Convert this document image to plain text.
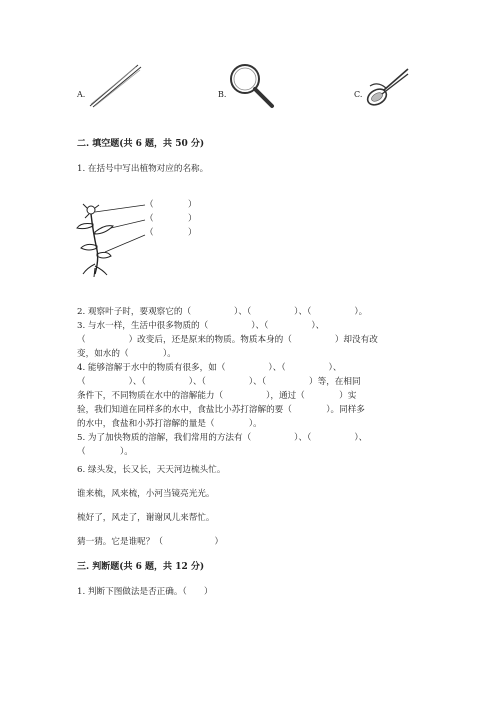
A.	B.	C.
二. 填空题(共 6 题，共 50 分)
1. 在括号中写出植物对应的名称。
（　　　　）
（　　　　）
（　　　　）
2. 观察叶子时，要观察它的（　　　　　）、（　　　　　）、（　　　　　）。
3. 与水一样，生活中很多物质的（　　　　　）、（　　　　　）、
（　　　　　）改变后，还是原来的物质。物质本身的（　　　　　）却没有改
变，如水的（　　　　）。
4. 能够溶解于水中的物质有很多，如（　　　　　）、（　　　　　）、
（　　　　　）、（　　　　　）、（　　　　　）、（　　　　　）等，在相同
条件下，不同物质在水中的溶解能力（　　　　　），通过（　　　　）实
验，我们知道在同样多的水中，食盐比小苏打溶解的要（　　　　）。同样多
的水中，食盐和小苏打溶解的量是（　　　　）。
5. 为了加快物质的溶解，我们常用的方法有（　　　　　）、（　　　　　）、
（　　　　）。
6. 绿头发，长又长，天天河边梳头忙。
谁来梳，风来梳，小河当镜亮光光。
梳好了，风走了，谢谢风儿来帮忙。
猜一猜。它是谁呢？（　　　　　　）
三. 判断题(共 6 题，共 12 分)
1. 判断下图做法是否正确。（　　）
